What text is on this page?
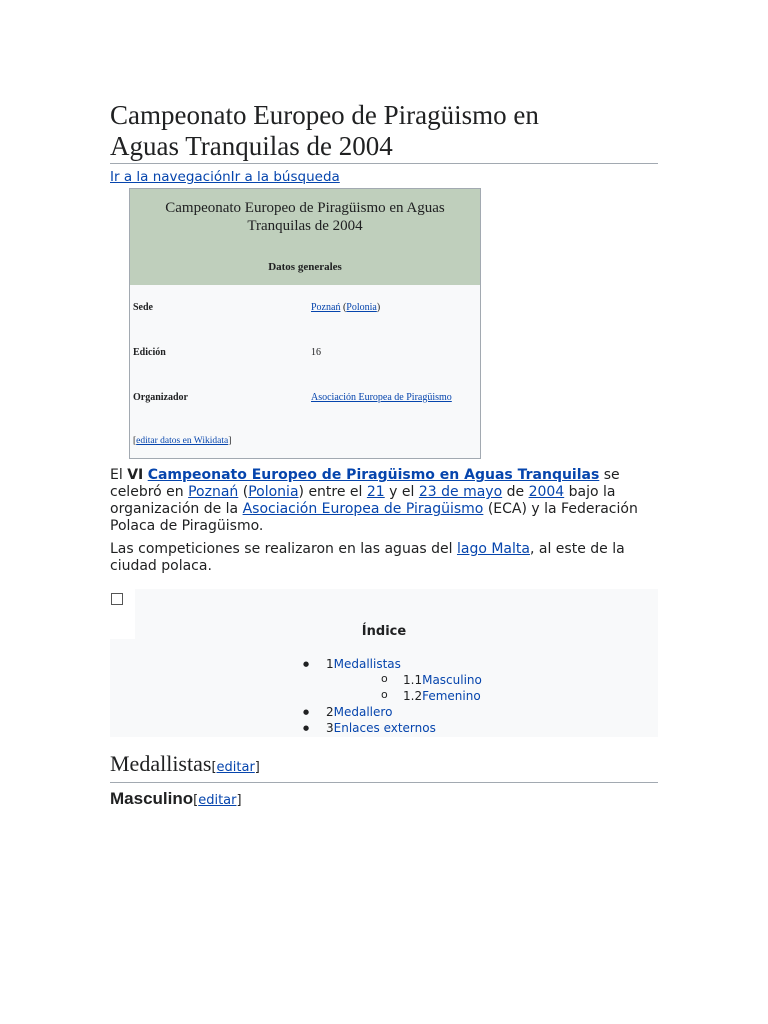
Campeonato Europeo de Piragüismo en
Aguas Tranquilas de 2004
Ir a la navegaciónIr a la búsqueda
Campeonato Europeo de Piragüismo en Aguas Tranquilas de 2004
Datos generales
Sede	Poznań (Polonia)
Edición	16
Organizador	Asociación Europea de Piragüismo
[editar datos en Wikidata]

El VI Campeonato Europeo de Piragüismo en Aguas Tranquilas se celebró en Poznań (Polonia) entre el 21 y el 23 de mayo de 2004 bajo la organización de la Asociación Europea de Piragüismo (ECA) y la Federación Polaca de Piragüismo.

Las competiciones se realizaron en las aguas del lago Malta, al este de la ciudad polaca.

Índice
● 1Medallistas
o 1.1Masculino
o 1.2Femenino
● 2Medallero
● 3Enlaces externos
Medallistas[editar]
Masculino[editar]
